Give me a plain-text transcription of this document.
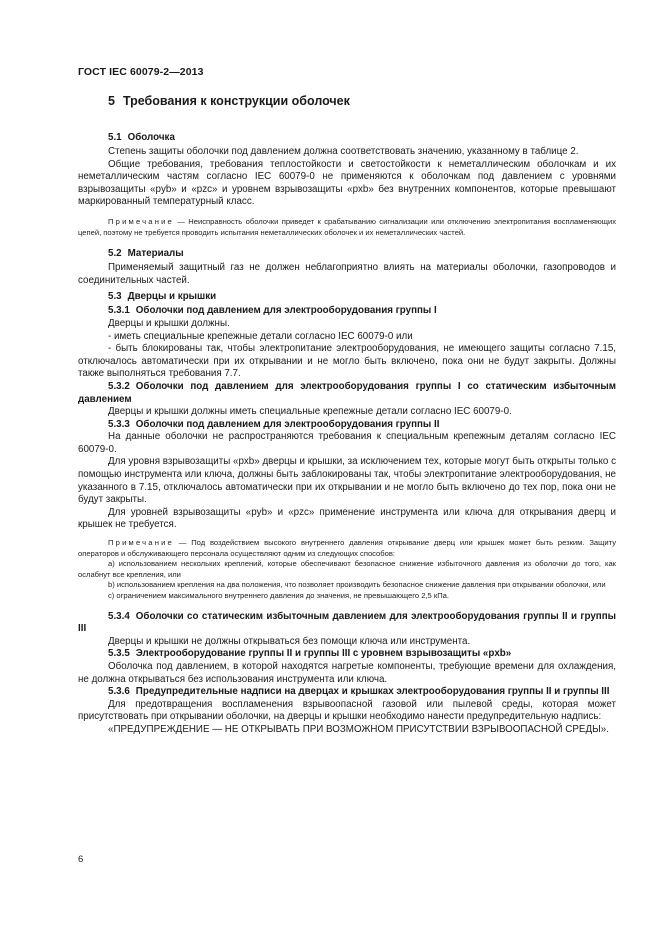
ГОСТ IEC 60079-2—2013
5 Требования к конструкции оболочек
5.1 Оболочка

Степень защиты оболочки под давлением должна соответствовать значению, указанному в таблице 2.

Общие требования, требования теплостойкости и светостойкости к неметаллическим оболочкам и их неметаллическим частям согласно IEC 60079-0 не применяются к оболочкам под давлением с уровнями взрывозащиты «pyb» и «pzc» и уровнем взрывозащиты «pxb» без внутренних компонентов, которые превышают маркированный температурный класс.

Примечание — Неисправность оболочки приведет к срабатыванию сигнализации или отключению электропитания воспламеняющих цепей, поэтому не требуется проводить испытания неметаллических оболочек и их неметаллических частей.

5.2 Материалы

Применяемый защитный газ не должен неблагоприятно влиять на материалы оболочки, газопроводов и соединительных частей.

5.3 Дверцы и крышки
5.3.1 Оболочки под давлением для электрооборудования группы I

Дверцы и крышки должны.

- иметь специальные крепежные детали согласно IEC 60079-0 или

- быть блокированы так, чтобы электропитание электрооборудования, не имеющего защиты согласно 7.15, отключалось автоматически при их открывании и не могло быть включено, пока они не будут закрыты. Должны также выполняться требования 7.7.

5.3.2 Оболочки под давлением для электрооборудования группы I со статическим избыточным давлением

Дверцы и крышки должны иметь специальные крепежные детали согласно IEC 60079-0.

5.3.3 Оболочки под давлением для электрооборудования группы II

На данные оболочки не распространяются требования к специальным крепежным деталям согласно IEC 60079-0.

Для уровня взрывозащиты «pxb» дверцы и крышки, за исключением тех, которые могут быть открыты только с помощью инструмента или ключа, должны быть заблокированы так, чтобы электропитание электрооборудования, не указанного в 7.15, отключалось автоматически при их открывании и не могло быть включено до тех пор, пока они не будут закрыты.

Для уровней взрывозащиты «pyb» и «pzc» применение инструмента или ключа для открывания дверц и крышек не требуется.

Примечание — Под воздействием высокого внутреннего давления открывание дверц или крышек может быть резким. Защиту операторов и обслуживающего персонала осуществляют одним из следующих способов:

a) использованием нескольких креплений, которые обеспечивают безопасное снижение избыточного давления из оболочки до того, как ослабнут все крепления, или

b) использованием крепления на два положения, что позволяет производить безопасное снижение давления при открывании оболочки, или

c) ограничением максимального внутреннего давления до значения, не превышающего 2,5 кПа.

5.3.4 Оболочки со статическим избыточным давлением для электрооборудования группы II и группы III

Дверцы и крышки не должны открываться без помощи ключа или инструмента.

5.3.5 Электрооборудование группы II и группы III с уровнем взрывозащиты «pxb»

Оболочка под давлением, в которой находятся нагретые компоненты, требующие времени для охлаждения, не должна открываться без использования инструмента или ключа.

5.3.6 Предупредительные надписи на дверцах и крышках электрооборудования группы II и группы III

Для предотвращения воспламенения взрывоопасной газовой или пылевой среды, которая может присутствовать при открывании оболочки, на дверцы и крышки необходимо нанести предупредительную надпись:

«ПРЕДУПРЕЖДЕНИЕ — НЕ ОТКРЫВАТЬ ПРИ ВОЗМОЖНОМ ПРИСУТСТВИИ ВЗРЫВООПАСНОЙ СРЕДЫ».

6
